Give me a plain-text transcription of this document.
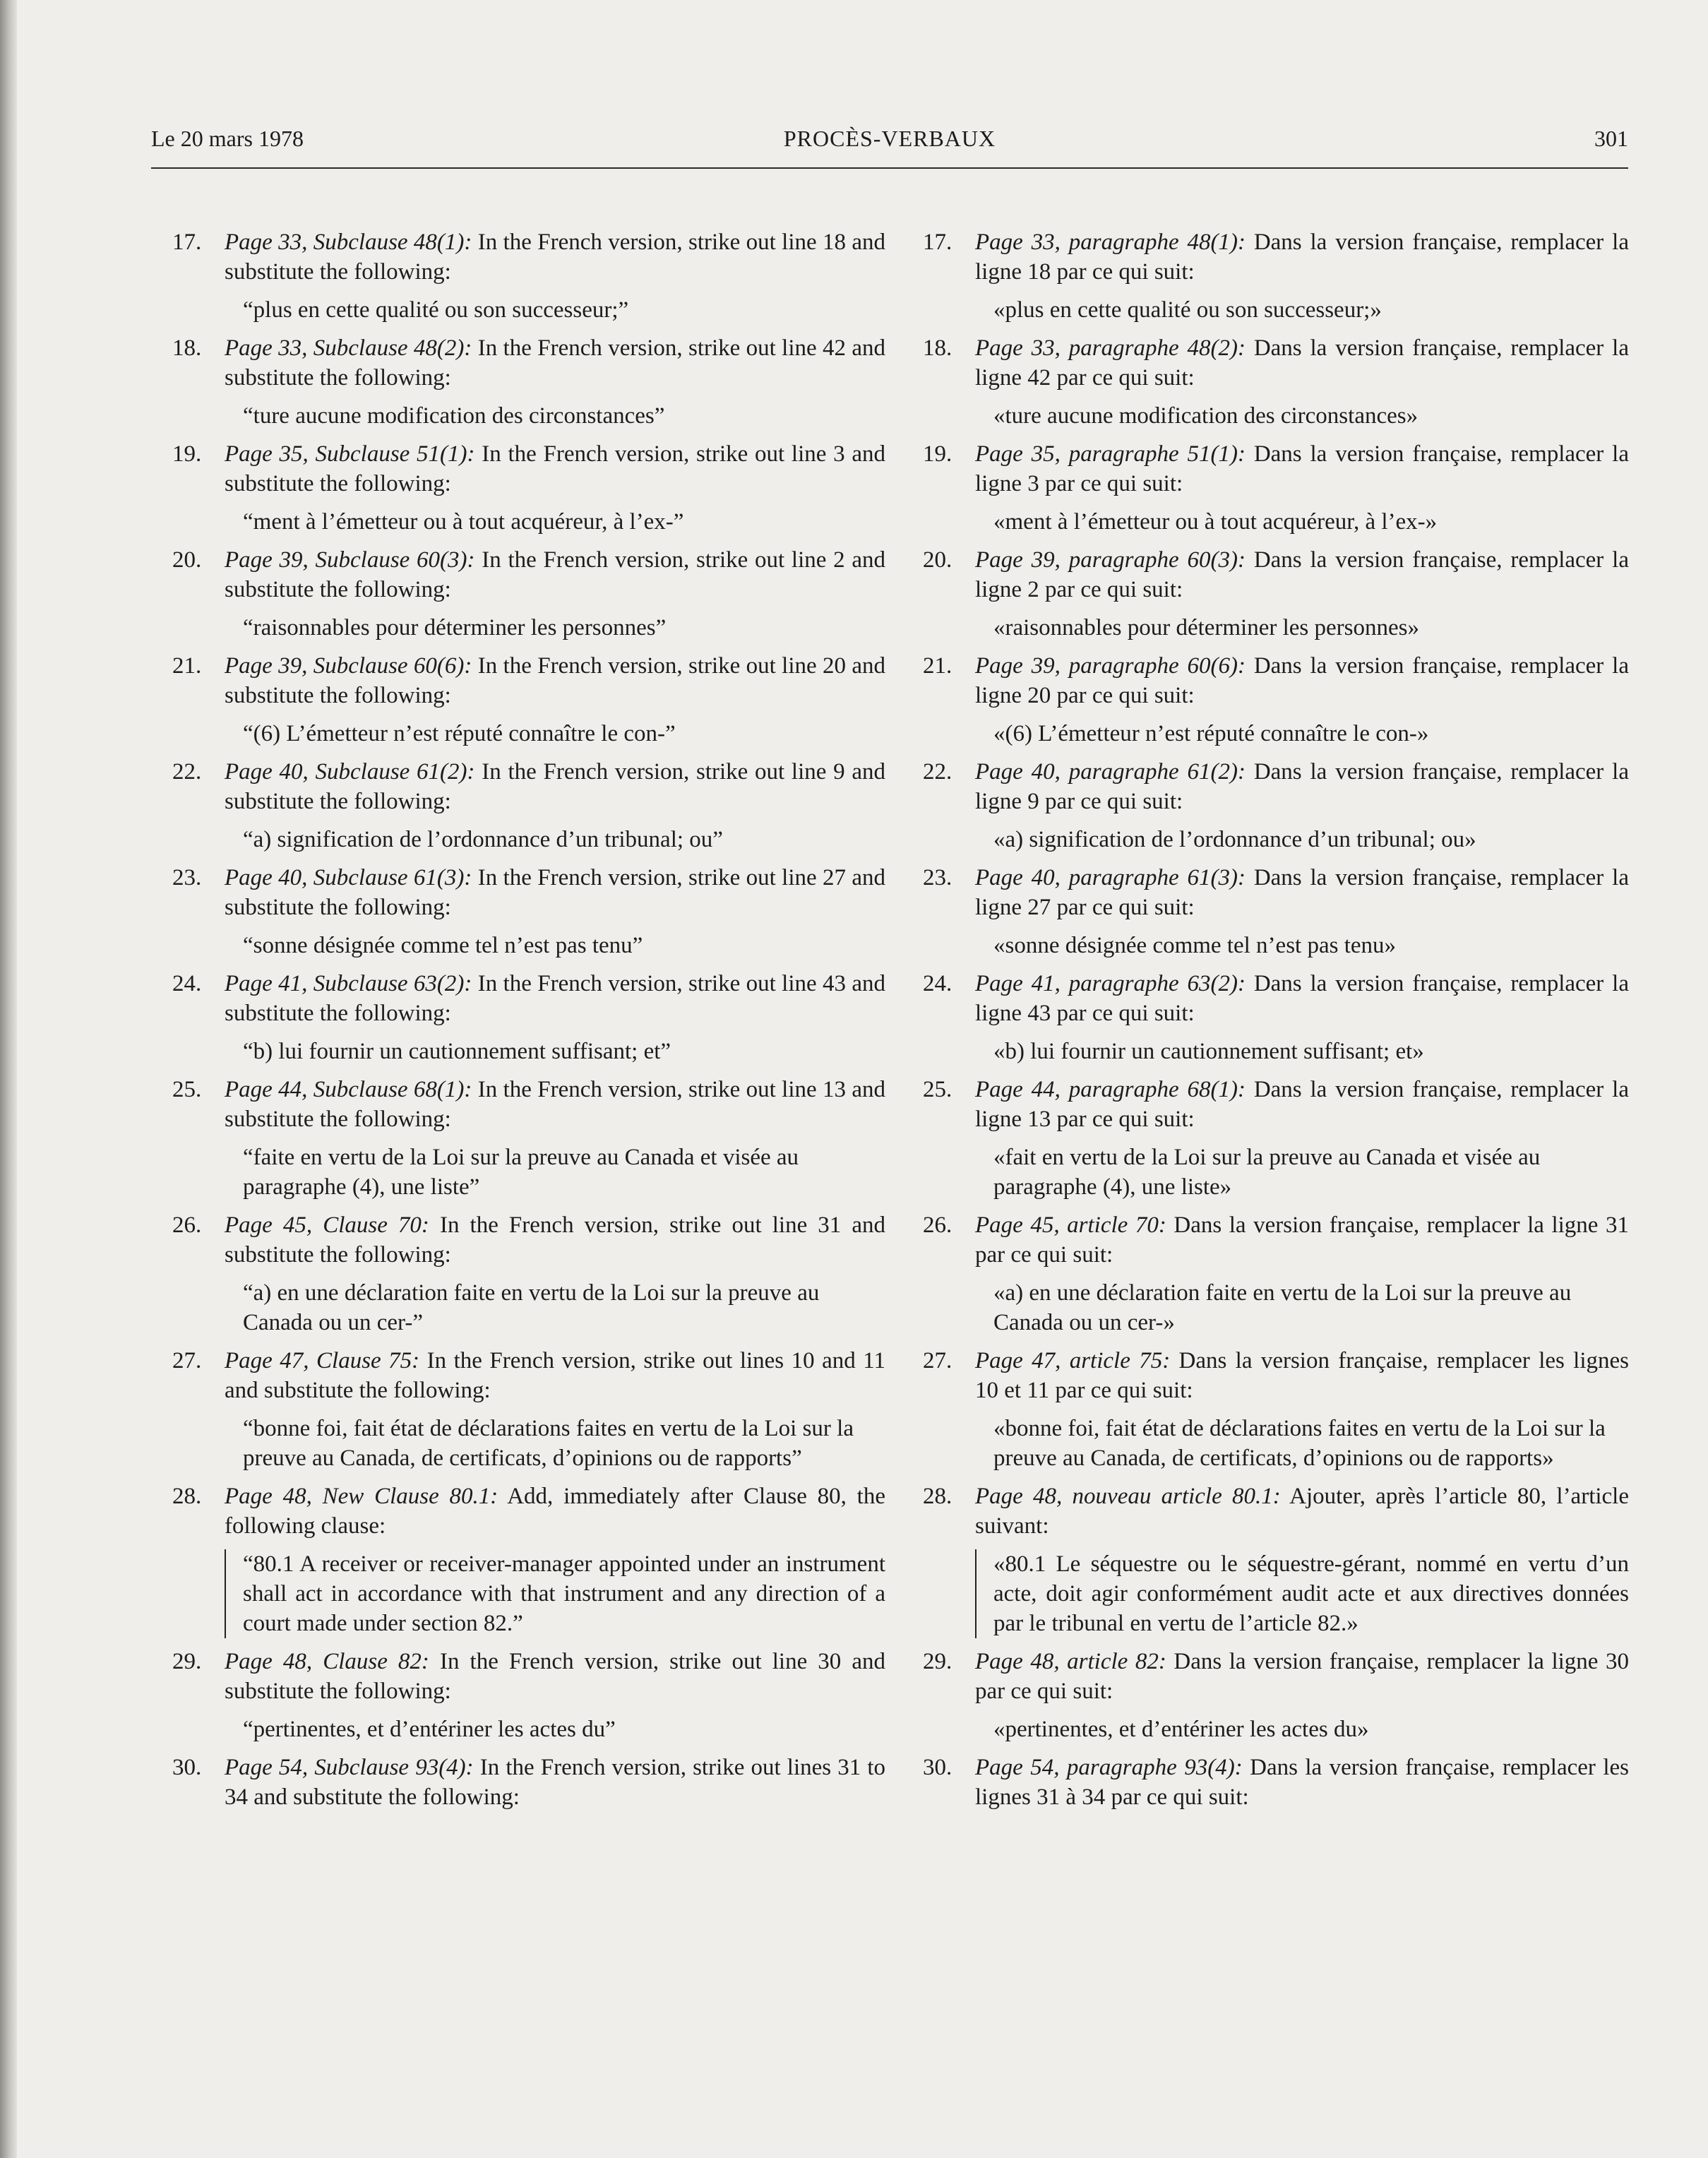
Le 20 mars 1978	PROCÈS-VERBAUX	301

17. Page 33, Subclause 48(1): In the French version, strike out line 18 and substitute the following:

“plus en cette qualité ou son successeur;”

18. Page 33, Subclause 48(2): In the French version, strike out line 42 and substitute the following:

“ture aucune modification des circonstances”

19. Page 35, Subclause 51(1): In the French version, strike out line 3 and substitute the following:

“ment à l’émetteur ou à tout acquéreur, à l’ex-”

20. Page 39, Subclause 60(3): In the French version, strike out line 2 and substitute the following:

“raisonnables pour déterminer les personnes”

21. Page 39, Subclause 60(6): In the French version, strike out line 20 and substitute the following:

“(6) L’émetteur n’est réputé connaître le con-”

22. Page 40, Subclause 61(2): In the French version, strike out line 9 and substitute the following:

“a) signification de l’ordonnance d’un tribunal; ou”

23. Page 40, Subclause 61(3): In the French version, strike out line 27 and substitute the following:

“sonne désignée comme tel n’est pas tenu”

24. Page 41, Subclause 63(2): In the French version, strike out line 43 and substitute the following:

“b) lui fournir un cautionnement suffisant; et”

25. Page 44, Subclause 68(1): In the French version, strike out line 13 and substitute the following:

“faite en vertu de la Loi sur la preuve au Canada et visée au paragraphe (4), une liste”

26. Page 45, Clause 70: In the French version, strike out line 31 and substitute the following:

“a) en une déclaration faite en vertu de la Loi sur la preuve au Canada ou un cer-”

27. Page 47, Clause 75: In the French version, strike out lines 10 and 11 and substitute the following:

“bonne foi, fait état de déclarations faites en vertu de la Loi sur la preuve au Canada, de certificats, d’opinions ou de rapports”

28. Page 48, New Clause 80.1: Add, immediately after Clause 80, the following clause:

“80.1 A receiver or receiver-manager appointed under an instrument shall act in accordance with that instrument and any direction of a court made under section 82.”

29. Page 48, Clause 82: In the French version, strike out line 30 and substitute the following:

“pertinentes, et d’entériner les actes du”

30. Page 54, Subclause 93(4): In the French version, strike out lines 31 to 34 and substitute the following:

17. Page 33, paragraphe 48(1): Dans la version française, remplacer la ligne 18 par ce qui suit:

«plus en cette qualité ou son successeur;»

18. Page 33, paragraphe 48(2): Dans la version française, remplacer la ligne 42 par ce qui suit:

«ture aucune modification des circonstances»

19. Page 35, paragraphe 51(1): Dans la version française, remplacer la ligne 3 par ce qui suit:

«ment à l’émetteur ou à tout acquéreur, à l’ex-»

20. Page 39, paragraphe 60(3): Dans la version française, remplacer la ligne 2 par ce qui suit:

«raisonnables pour déterminer les personnes»

21. Page 39, paragraphe 60(6): Dans la version française, remplacer la ligne 20 par ce qui suit:

«(6) L’émetteur n’est réputé connaître le con-»

22. Page 40, paragraphe 61(2): Dans la version française, remplacer la ligne 9 par ce qui suit:

«a) signification de l’ordonnance d’un tribunal; ou»

23. Page 40, paragraphe 61(3): Dans la version française, remplacer la ligne 27 par ce qui suit:

«sonne désignée comme tel n’est pas tenu»

24. Page 41, paragraphe 63(2): Dans la version française, remplacer la ligne 43 par ce qui suit:

«b) lui fournir un cautionnement suffisant; et»

25. Page 44, paragraphe 68(1): Dans la version française, remplacer la ligne 13 par ce qui suit:

«fait en vertu de la Loi sur la preuve au Canada et visée au paragraphe (4), une liste»

26. Page 45, article 70: Dans la version française, remplacer la ligne 31 par ce qui suit:

«a) en une déclaration faite en vertu de la Loi sur la preuve au Canada ou un cer-»

27. Page 47, article 75: Dans la version française, remplacer les lignes 10 et 11 par ce qui suit:

«bonne foi, fait état de déclarations faites en vertu de la Loi sur la preuve au Canada, de certificats, d’opinions ou de rapports»

28. Page 48, nouveau article 80.1: Ajouter, après l’article 80, l’article suivant:

«80.1 Le séquestre ou le séquestre-gérant, nommé en vertu d’un acte, doit agir conformément audit acte et aux directives données par le tribunal en vertu de l’article 82.»

29. Page 48, article 82: Dans la version française, remplacer la ligne 30 par ce qui suit:

«pertinentes, et d’entériner les actes du»

30. Page 54, paragraphe 93(4): Dans la version française, remplacer les lignes 31 à 34 par ce qui suit:
